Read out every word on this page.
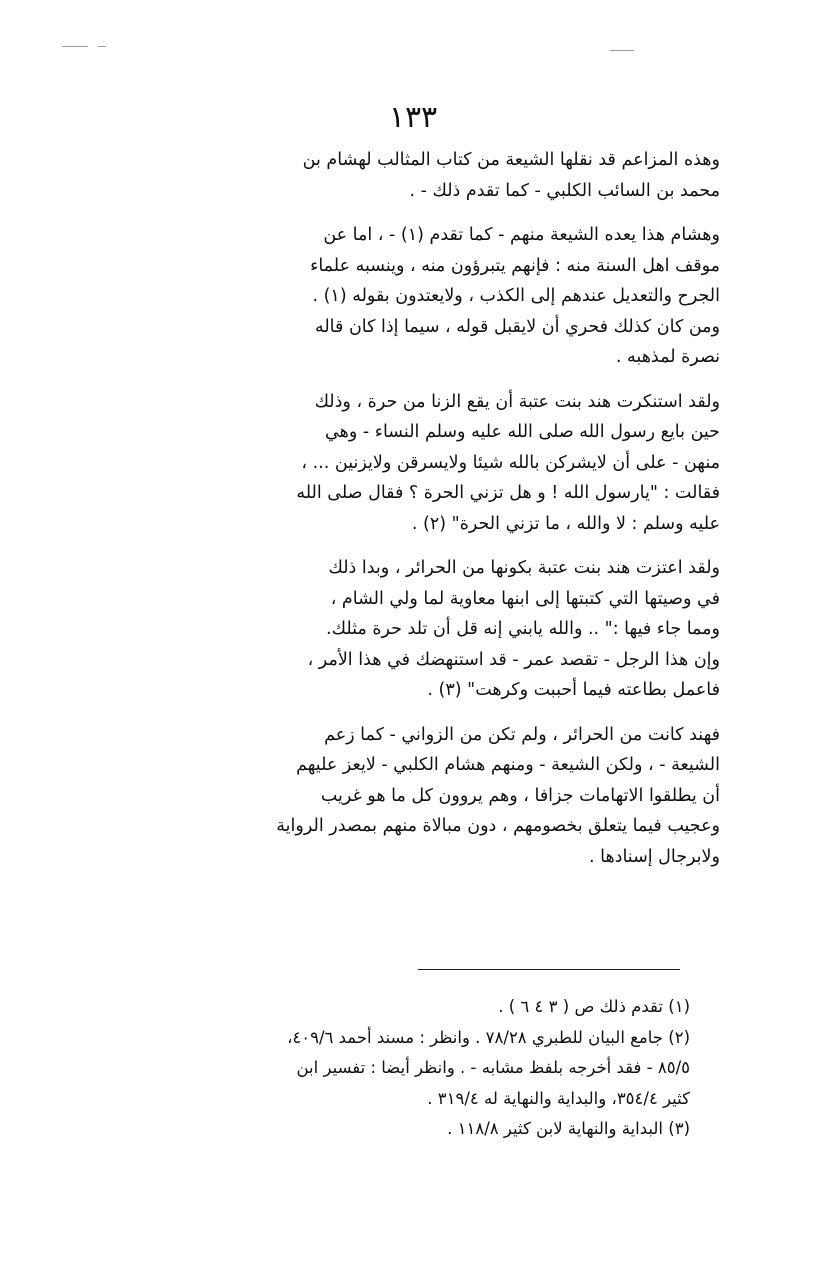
١٣٣

وهذه المزاعم قد نقلها الشيعة من كتاب المثالب لهشام بن
محمد بن السائب الكلبي - كما تقدم ذلك - .

وهشام هذا يعده الشيعة منهم - كما تقدم (١) - ، اما عن
موقف اهل السنة منه : فإنهم يتبرؤون منه ، وينسبه علماء
الجرح والتعديل عندهم إلى الكذب ، ولايعتدون بقوله (١) .
ومن كان كذلك فحري أن لايقبل قوله ، سيما إذا كان قاله
نصرة لمذهبه .

ولقد استنكرت هند بنت عتبة أن يقع الزنا من حرة ، وذلك
حين بايع رسول الله صلى الله عليه وسلم النساء - وهي
منهن - على أن لايشركن بالله شيئا ولايسرقن ولايزنين ... ،
فقالت : "يارسول الله ! و هل تزني الحرة ؟ فقال صلى الله
عليه وسلم : لا والله ، ما تزني الحرة" (٢) .

ولقد اعتزت هند بنت عتبة بكونها من الحرائر ، وبدا ذلك
في وصيتها التي كتبتها إلى ابنها معاوية لما ولي الشام ،
ومما جاء فيها :" .. والله يابني إنه قل أن تلد حرة مثلك.
وإن هذا الرجل - تقصد عمر - قد استنهضك في هذا الأمر ،
فاعمل بطاعته فيما أحببت وكرهت" (٣) .

فهند كانت من الحرائر ، ولم تكن من الزواني - كما زعم
الشيعة - ، ولكن الشيعة - ومنهم هشام الكلبي - لايعز عليهم
أن يطلقوا الاتهامات جزافا ، وهم يروون كل ما هو غريب
وعجيب فيما يتعلق بخصومهم ، دون مبالاة منهم بمصدر الرواية
ولابرجال إسنادها .

(١) تقدم ذلك ص ( ٣ ٤ ٦ ) .
(٢) جامع البيان للطبري ٧٨/٢٨ . وانظر : مسند أحمد ٤٠٩/٦،
٨٥/٥ - فقد أخرجه بلفظ مشابه - . وانظر أيضا : تفسير ابن
كثير ٣٥٤/٤، والبداية والنهاية له ٣١٩/٤ .
(٣) البداية والنهاية لابن كثير ١١٨/٨ .
